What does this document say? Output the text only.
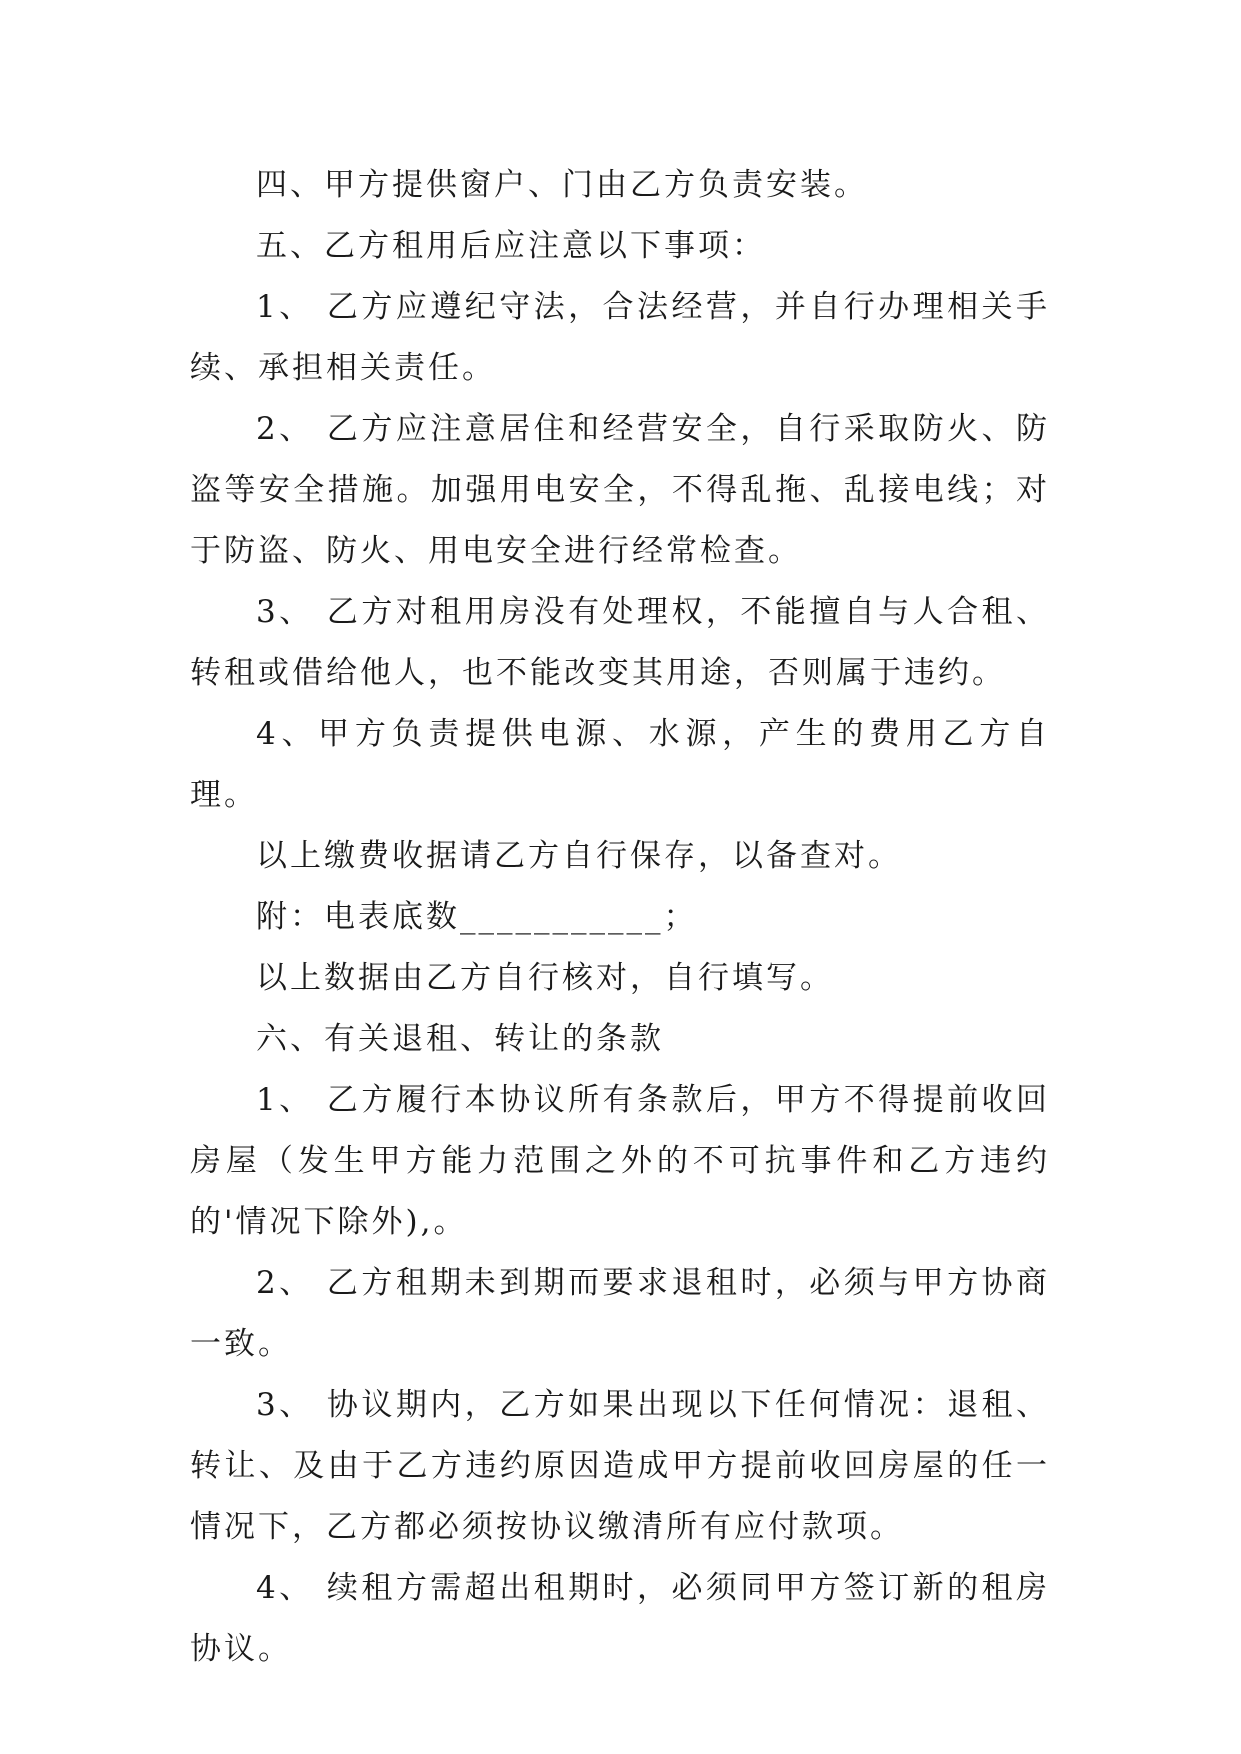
四、甲方提供窗户、门由乙方负责安装。

五、乙方租用后应注意以下事项：

1、 乙方应遵纪守法，合法经营，并自行办理相关手续、承担相关责任。

2、 乙方应注意居住和经营安全，自行采取防火、防盗等安全措施。加强用电安全，不得乱拖、乱接电线；对于防盗、防火、用电安全进行经常检查。

3、 乙方对租用房没有处理权，不能擅自与人合租、转租或借给他人，也不能改变其用途，否则属于违约。

4、甲方负责提供电源、水源，产生的费用乙方自理。

以上缴费收据请乙方自行保存，以备查对。

附：电表底数___________；

以上数据由乙方自行核对，自行填写。

六、有关退租、转让的条款

1、 乙方履行本协议所有条款后，甲方不得提前收回房屋（发生甲方能力范围之外的不可抗事件和乙方违约的'情况下除外),。

2、 乙方租期未到期而要求退租时，必须与甲方协商一致。

3、 协议期内，乙方如果出现以下任何情况：退租、转让、及由于乙方违约原因造成甲方提前收回房屋的任一情况下，乙方都必须按协议缴清所有应付款项。

4、 续租方需超出租期时，必须同甲方签订新的租房协议。
